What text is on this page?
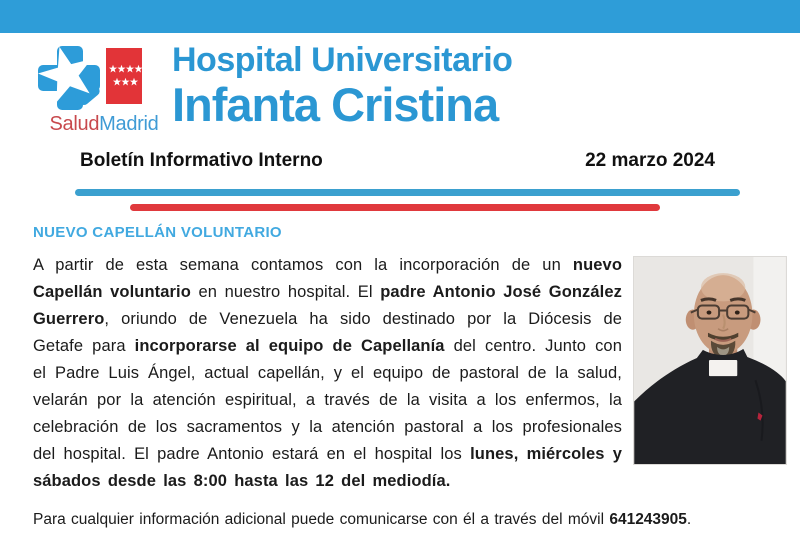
SaludMadrid
Hospital Universitario
Infanta Cristina
Boletín Informativo Interno	22 marzo 2024
NUEVO CAPELLÁN VOLUNTARIO

A partir de esta semana contamos con la incorporación de un nuevo Capellán voluntario en nuestro hospital. El padre Antonio José González Guerrero, oriundo de Venezuela ha sido destinado por la Diócesis de Getafe para incorporarse al equipo de Capellanía del centro. Junto con el Padre Luis Ángel, actual capellán, y el equipo de pastoral de la salud, velarán por la atención espiritual, a través de la visita a los enfermos, la celebración de los sacramentos y la atención pastoral a los profesionales del hospital. El padre Antonio estará en el hospital los lunes, miércoles y sábados desde las 8:00 hasta las 12 del mediodía.

Para cualquier información adicional puede comunicarse con él a través del móvil 641243905.
